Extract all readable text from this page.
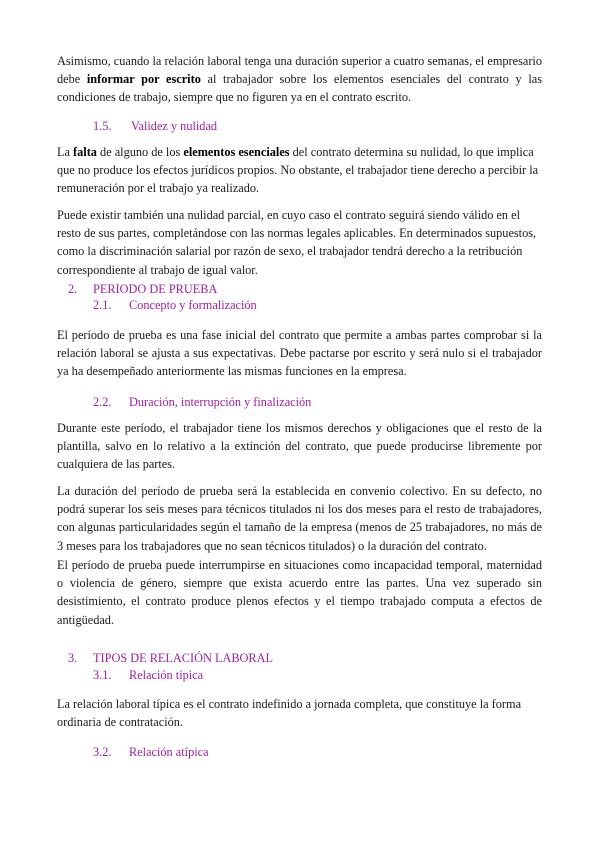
Asimismo, cuando la relación laboral tenga una duración superior a cuatro semanas, el empresario debe informar por escrito al trabajador sobre los elementos esenciales del contrato y las condiciones de trabajo, siempre que no figuren ya en el contrato escrito.

1.5. Validez y nulidad

La falta de alguno de los elementos esenciales del contrato determina su nulidad, lo que implica que no produce los efectos jurídicos propios. No obstante, el trabajador tiene derecho a percibir la remuneración por el trabajo ya realizado.

Puede existir también una nulidad parcial, en cuyo caso el contrato seguirá siendo válido en el resto de sus partes, completándose con las normas legales aplicables. En determinados supuestos, como la discriminación salarial por razón de sexo, el trabajador tendrá derecho a la retribución correspondiente al trabajo de igual valor.

2. PERIODO DE PRUEBA
2.1. Concepto y formalización

El período de prueba es una fase inicial del contrato que permite a ambas partes comprobar si la relación laboral se ajusta a sus expectativas. Debe pactarse por escrito y será nulo si el trabajador ya ha desempeñado anteriormente las mismas funciones en la empresa.

2.2. Duración, interrupción y finalización

Durante este período, el trabajador tiene los mismos derechos y obligaciones que el resto de la plantilla, salvo en lo relativo a la extinción del contrato, que puede producirse libremente por cualquiera de las partes.

La duración del período de prueba será la establecida en convenio colectivo. En su defecto, no podrá superar los seis meses para técnicos titulados ni los dos meses para el resto de trabajadores, con algunas particularidades según el tamaño de la empresa (menos de 25 trabajadores, no más de 3 meses para los trabajadores que no sean técnicos titulados) o la duración del contrato.

El período de prueba puede interrumpirse en situaciones como incapacidad temporal, maternidad o violencia de género, siempre que exista acuerdo entre las partes. Una vez superado sin desistimiento, el contrato produce plenos efectos y el tiempo trabajado computa a efectos de antigüedad.

3. TIPOS DE RELACIÓN LABORAL
3.1. Relación típica

La relación laboral típica es el contrato indefinido a jornada completa, que constituye la forma ordinaria de contratación.

3.2. Relación atípica
